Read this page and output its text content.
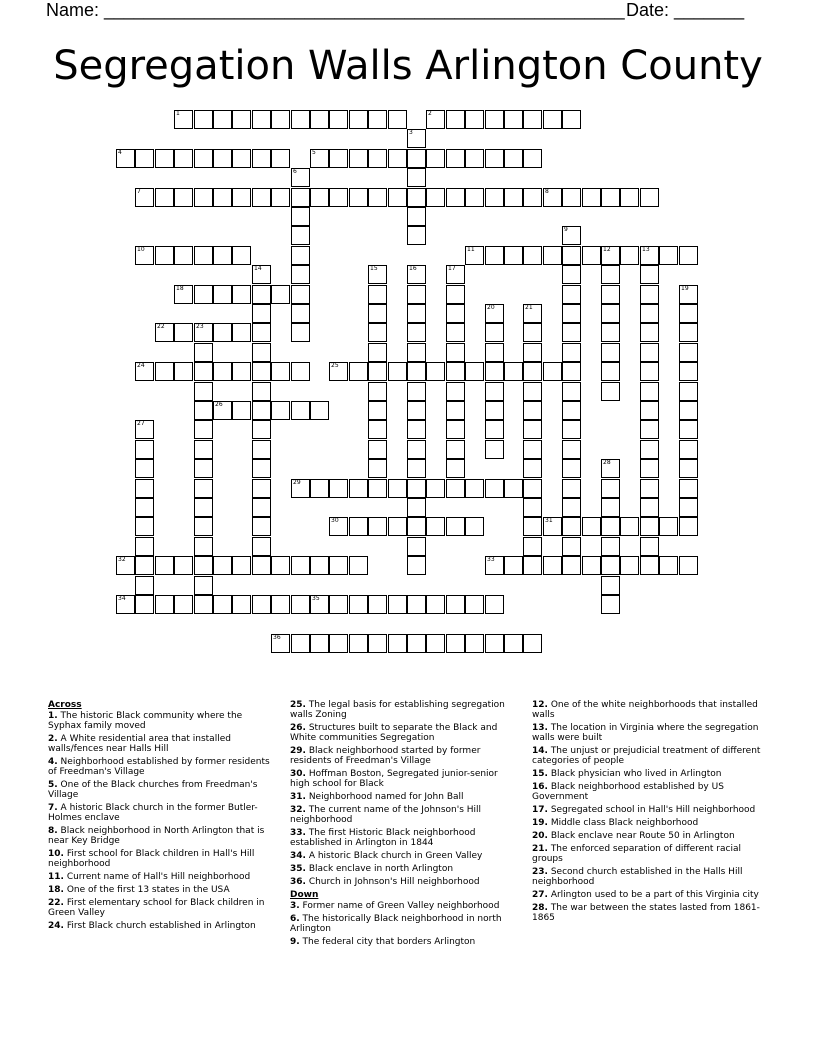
Name: ____________________________________________________ Date: _______
Segregation Walls Arlington County
1	2
3
4	5
6
7	8
9
10	11	12	13
14	15	16	17
18	19
20	21
22	23
24	25
26
27
28
29
30	31
32	33
34	35
36
Across
1. The historic Black community where the Syphax family moved
2. A White residential area that installed walls/fences near Halls Hill
4. Neighborhood established by former residents of Freedman's Village
5. One of the Black churches from Freedman's Village
7. A historic Black church in the former Butler-Holmes enclave
8. Black neighborhood in North Arlington that is near Key Bridge
10. First school for Black children in Hall's Hill neighborhood
11. Current name of Hall's Hill neighborhood
18. One of the first 13 states in the USA
22. First elementary school for Black children in Green Valley
24. First Black church established in Arlington
25. The legal basis for establishing segregation walls Zoning
26. Structures built to separate the Black and White communities Segregation
29. Black neighborhood started by former residents of Freedman's Village
30. Hoffman Boston, Segregated junior-senior high school for Black
31. Neighborhood named for John Ball
32. The current name of the Johnson's Hill neighborhood
33. The first Historic Black neighborhood established in Arlington in 1844
34. A historic Black church in Green Valley
35. Black enclave in north Arlington
36. Church in Johnson's Hill neighborhood
Down
3. Former name of Green Valley neighborhood
6. The historically Black neighborhood in north Arlington
9. The federal city that borders Arlington
12. One of the white neighborhoods that installed walls
13. The location in Virginia where the segregation walls were built
14. The unjust or prejudicial treatment of different categories of people
15. Black physician who lived in Arlington
16. Black neighborhood established by US Government
17. Segregated school in Hall's Hill neighborhood
19. Middle class Black neighborhood
20. Black enclave near Route 50 in Arlington
21. The enforced separation of different racial groups
23. Second church established in the Halls Hill neighborhood
27. Arlington used to be a part of this Virginia city
28. The war between the states lasted from 1861-1865
